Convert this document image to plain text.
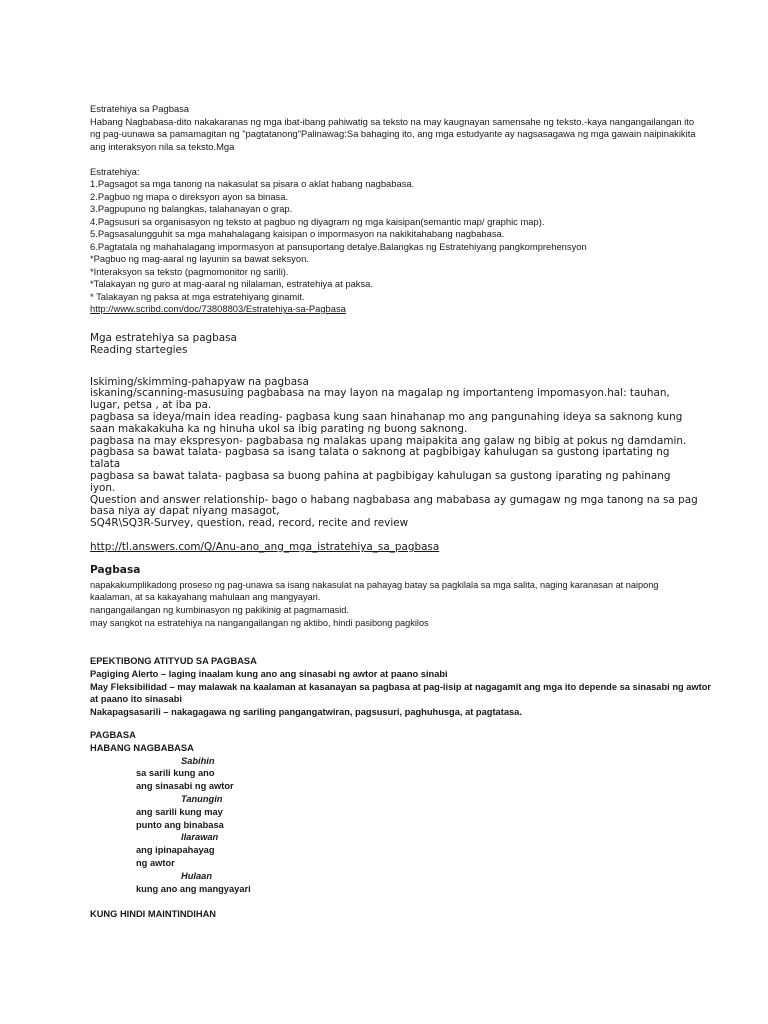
Estratehiya sa Pagbasa
Habang Nagbabasa-dito nakakaranas ng mga ibat-ibang pahiwatig sa teksto na may kaugnayan samensahe ng teksto.-kaya nangangailangan ito
ng pag-uunawa sa pamamagitan ng "pagtatanong"Palinawag:Sa bahaging ito, ang mga estudyante ay nagsasagawa ng mga gawain naipinakikita
ang interaksyon nila sa teksto.Mga
Estratehiya:
1.Pagsagot sa mga tanong na nakasulat sa pisara o aklat habang nagbabasa.
2.Pagbuo ng mapa o direksyon ayon sa binasa.
3.Pagpupuno ng balangkas, talahanayan o grap.
4.Pagsusuri sa organisasyon ng teksto at pagbuo ng diyagram ng mga kaisipan(semantic map/ graphic map).
5.Pagsasalungguhit sa mga mahahalagang kaisipan o impormasyon na nakikitahabang nagbabasa.
6.Pagtatala ng mahahalagang impormasyon at pansuportang detalye.Balangkas ng Estratehiyang pangkomprehensyon
*Pagbuo ng mag-aaral ng layunin sa bawat seksyon.
*Interaksyon sa teksto (pagmomonitor ng sarili).
*Talakayan ng guro at mag-aaral ng nilalaman, estratehiya at paksa.
* Talakayan ng paksa at mga estratehiyang ginamit.
http://www.scribd.com/doc/73808803/Estratehiya-sa-Pagbasa
Mga estratehiya sa pagbasa
Reading startegies
Iskiming/skimming-pahapyaw na pagbasa
iskaning/scanning-masusuing pagbabasa na may layon na magalap ng importanteng impomasyon.hal: tauhan,
lugar, petsa , at iba pa.
pagbasa sa ideya/main idea reading- pagbasa kung saan hinahanap mo ang pangunahing ideya sa saknong kung
saan makakakuha ka ng hinuha ukol sa ibig parating ng buong saknong.
pagbasa na may ekspresyon- pagbabasa ng malakas upang maipakita ang galaw ng bibig at pokus ng damdamin.
pagbasa sa bawat talata- pagbasa sa isang talata o saknong at pagbibigay kahulugan sa gustong ipartating ng
talata
pagbasa sa bawat talata- pagbasa sa buong pahina at pagbibigay kahulugan sa gustong iparating ng pahinang
iyon.
Question and answer relationship- bago o habang nagbabasa ang mababasa ay gumagaw ng mga tanong na sa pag
basa niya ay dapat niyang masagot,
SQ4R\SQ3R-Survey, question, read, record, recite and review
http://tl.answers.com/Q/Anu-ano_ang_mga_istratehiya_sa_pagbasa
Pagbasa
napakakumplikadong proseso ng pag-unawa sa isang nakasulat na pahayag batay sa pagkilala sa mga salita, naging karanasan at naipong
kaalaman, at sa kakayahang mahulaan ang mangyayari.
nangangailangan ng kumbinasyon ng pakikinig at pagmamasid.
may sangkot na estratehiya na nangangailangan ng aktibo, hindi pasibong pagkilos
EPEKTIBONG ATITYUD SA PAGBASA
Pagiging Alerto – laging inaalam kung ano ang sinasabi ng awtor at paano sinabi
May Fleksibilidad – may malawak na kaalaman at kasanayan sa pagbasa at pag-iisip at nagagamit ang mga ito depende sa sinasabi ng awtor
at paano ito sinasabi
Nakapagsasarili – nakagagawa ng sariling pangangatwiran, pagsusuri, paghuhusga, at pagtatasa.
PAGBASA
HABANG NAGBABASA
Sabihin
sa sarili kung ano
ang sinasabi ng awtor
Tanungin
ang sarili kung may
punto ang binabasa
Ilarawan
ang ipinapahayag
ng awtor
Hulaan
kung ano ang mangyayari
KUNG HINDI MAINTINDIHAN
